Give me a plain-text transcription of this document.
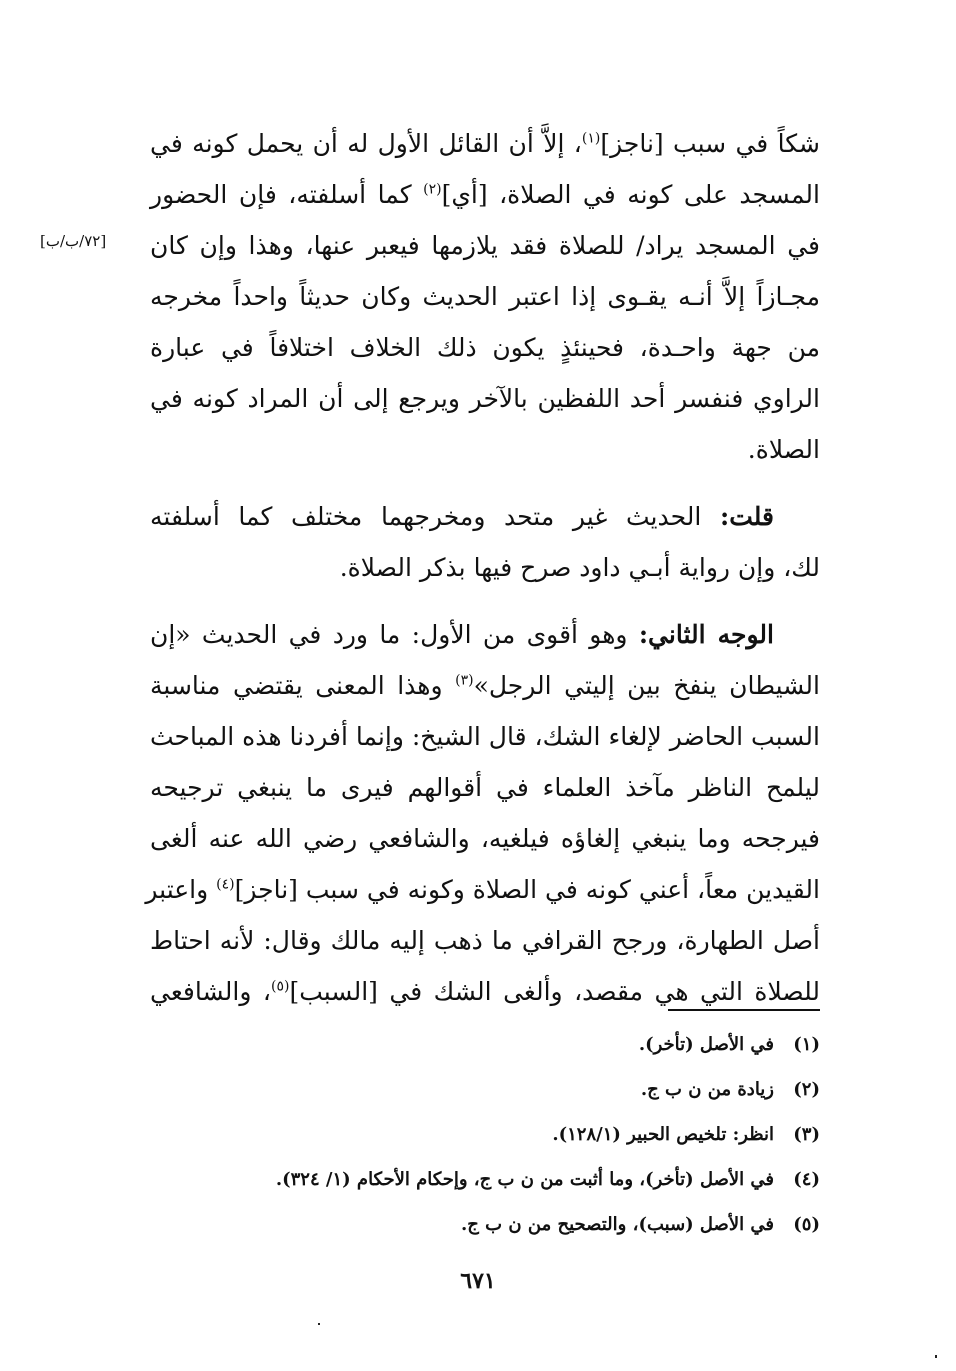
[٧٢/ب/ب]
شكاً في سبب [ناجز]$^{(١)}$، إلاَّ أن القائل الأول له أن يحمل كونه في
المسجد على كونه في الصلاة، [أي]$^{(٢)}$ كما أسلفته، فإن الحضور
في المسجد يراد/ للصلاة فقد يلازمها فيعبر عنها، وهذا وإن كان
مجـازاً إلاَّ أنـه يقـوى إذا اعتبر الحديث وكان حديثاً واحداً مخرجه
من جهة واحـدة، فحينئذٍ يكون ذلك الخلاف اختلافاً في عبارة
الراوي فنفسر أحد اللفظين بالآخر ويرجع إلى أن المراد كونه في
الصلاة.
قلت: الحديث غير متحد ومخرجهما مختلف كما أسلفته
لك، وإن رواية أبـي داود صرح فيها بذكر الصلاة.
الوجه الثاني: وهو أقوى من الأول: ما ورد في الحديث «إن
الشيطان ينفخ بين إليتي الرجل»$^{(٣)}$ وهذا المعنى يقتضي مناسبة
السبب الحاضر لإلغاء الشك، قال الشيخ: وإنما أفردنا هذه المباحث
ليلمح الناظر مآخذ العلماء في أقوالهم فيرى ما ينبغي ترجيحه
فيرجحه وما ينبغي إلغاؤه فيلغيه، والشافعي رضي الله عنه ألغى
القيدين معاً، أعني كونه في الصلاة وكونه في سبب [ناجز]$^{(٤)}$ واعتبر
أصل الطهارة، ورجح القرافي ما ذهب إليه مالك وقال: لأنه احتاط
للصلاة التي هي مقصد، وألغى الشك في [السبب]$^{(٥)}$، والشافعي
(١)
في الأصل (تأخر).
(٢)
زيادة من ن ب ج.
(٣)
انظر: تلخيص الحبير (١٢٨/١).
(٤)
في الأصل (تأخر)، وما أثبت من ن ب ج، وإحكام الأحكام (١/ ٣٢٤).
(٥)
في الأصل (سبب)، والتصحيح من ن ب ج.
٦٧١
